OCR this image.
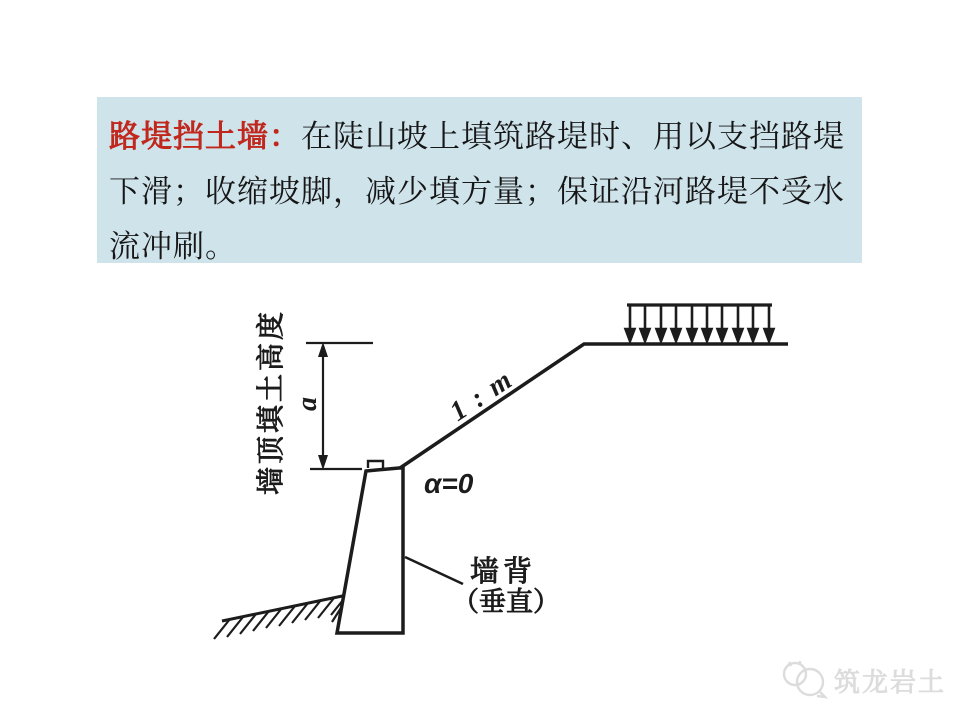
路堤挡土墙：在陡山坡上填筑路堤时、用以支挡路堤
下滑；收缩坡脚，减少填方量；保证沿河路堤不受水
流冲刷。
墙顶填土高度 a	1 : m
α=0
墙背
（垂直）
筑龙岩土
